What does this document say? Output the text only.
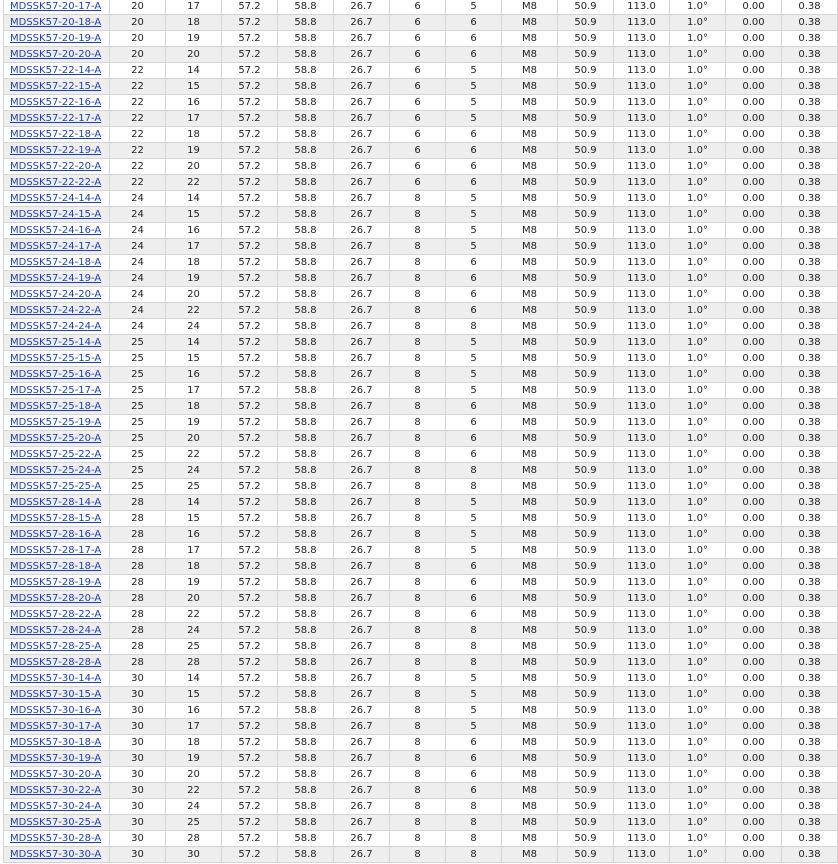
MDSSK57-20-17-A	20	17	57.2	58.8	26.7	6	5	M8	50.9	113.0	1.0°	0.00	0.38
MDSSK57-20-18-A	20	18	57.2	58.8	26.7	6	6	M8	50.9	113.0	1.0°	0.00	0.38
MDSSK57-20-19-A	20	19	57.2	58.8	26.7	6	6	M8	50.9	113.0	1.0°	0.00	0.38
MDSSK57-20-20-A	20	20	57.2	58.8	26.7	6	6	M8	50.9	113.0	1.0°	0.00	0.38
MDSSK57-22-14-A	22	14	57.2	58.8	26.7	6	5	M8	50.9	113.0	1.0°	0.00	0.38
MDSSK57-22-15-A	22	15	57.2	58.8	26.7	6	5	M8	50.9	113.0	1.0°	0.00	0.38
MDSSK57-22-16-A	22	16	57.2	58.8	26.7	6	5	M8	50.9	113.0	1.0°	0.00	0.38
MDSSK57-22-17-A	22	17	57.2	58.8	26.7	6	5	M8	50.9	113.0	1.0°	0.00	0.38
MDSSK57-22-18-A	22	18	57.2	58.8	26.7	6	6	M8	50.9	113.0	1.0°	0.00	0.38
MDSSK57-22-19-A	22	19	57.2	58.8	26.7	6	6	M8	50.9	113.0	1.0°	0.00	0.38
MDSSK57-22-20-A	22	20	57.2	58.8	26.7	6	6	M8	50.9	113.0	1.0°	0.00	0.38
MDSSK57-22-22-A	22	22	57.2	58.8	26.7	6	6	M8	50.9	113.0	1.0°	0.00	0.38
MDSSK57-24-14-A	24	14	57.2	58.8	26.7	8	5	M8	50.9	113.0	1.0°	0.00	0.38
MDSSK57-24-15-A	24	15	57.2	58.8	26.7	8	5	M8	50.9	113.0	1.0°	0.00	0.38
MDSSK57-24-16-A	24	16	57.2	58.8	26.7	8	5	M8	50.9	113.0	1.0°	0.00	0.38
MDSSK57-24-17-A	24	17	57.2	58.8	26.7	8	5	M8	50.9	113.0	1.0°	0.00	0.38
MDSSK57-24-18-A	24	18	57.2	58.8	26.7	8	6	M8	50.9	113.0	1.0°	0.00	0.38
MDSSK57-24-19-A	24	19	57.2	58.8	26.7	8	6	M8	50.9	113.0	1.0°	0.00	0.38
MDSSK57-24-20-A	24	20	57.2	58.8	26.7	8	6	M8	50.9	113.0	1.0°	0.00	0.38
MDSSK57-24-22-A	24	22	57.2	58.8	26.7	8	6	M8	50.9	113.0	1.0°	0.00	0.38
MDSSK57-24-24-A	24	24	57.2	58.8	26.7	8	8	M8	50.9	113.0	1.0°	0.00	0.38
MDSSK57-25-14-A	25	14	57.2	58.8	26.7	8	5	M8	50.9	113.0	1.0°	0.00	0.38
MDSSK57-25-15-A	25	15	57.2	58.8	26.7	8	5	M8	50.9	113.0	1.0°	0.00	0.38
MDSSK57-25-16-A	25	16	57.2	58.8	26.7	8	5	M8	50.9	113.0	1.0°	0.00	0.38
MDSSK57-25-17-A	25	17	57.2	58.8	26.7	8	5	M8	50.9	113.0	1.0°	0.00	0.38
MDSSK57-25-18-A	25	18	57.2	58.8	26.7	8	6	M8	50.9	113.0	1.0°	0.00	0.38
MDSSK57-25-19-A	25	19	57.2	58.8	26.7	8	6	M8	50.9	113.0	1.0°	0.00	0.38
MDSSK57-25-20-A	25	20	57.2	58.8	26.7	8	6	M8	50.9	113.0	1.0°	0.00	0.38
MDSSK57-25-22-A	25	22	57.2	58.8	26.7	8	6	M8	50.9	113.0	1.0°	0.00	0.38
MDSSK57-25-24-A	25	24	57.2	58.8	26.7	8	8	M8	50.9	113.0	1.0°	0.00	0.38
MDSSK57-25-25-A	25	25	57.2	58.8	26.7	8	8	M8	50.9	113.0	1.0°	0.00	0.38
MDSSK57-28-14-A	28	14	57.2	58.8	26.7	8	5	M8	50.9	113.0	1.0°	0.00	0.38
MDSSK57-28-15-A	28	15	57.2	58.8	26.7	8	5	M8	50.9	113.0	1.0°	0.00	0.38
MDSSK57-28-16-A	28	16	57.2	58.8	26.7	8	5	M8	50.9	113.0	1.0°	0.00	0.38
MDSSK57-28-17-A	28	17	57.2	58.8	26.7	8	5	M8	50.9	113.0	1.0°	0.00	0.38
MDSSK57-28-18-A	28	18	57.2	58.8	26.7	8	6	M8	50.9	113.0	1.0°	0.00	0.38
MDSSK57-28-19-A	28	19	57.2	58.8	26.7	8	6	M8	50.9	113.0	1.0°	0.00	0.38
MDSSK57-28-20-A	28	20	57.2	58.8	26.7	8	6	M8	50.9	113.0	1.0°	0.00	0.38
MDSSK57-28-22-A	28	22	57.2	58.8	26.7	8	6	M8	50.9	113.0	1.0°	0.00	0.38
MDSSK57-28-24-A	28	24	57.2	58.8	26.7	8	8	M8	50.9	113.0	1.0°	0.00	0.38
MDSSK57-28-25-A	28	25	57.2	58.8	26.7	8	8	M8	50.9	113.0	1.0°	0.00	0.38
MDSSK57-28-28-A	28	28	57.2	58.8	26.7	8	8	M8	50.9	113.0	1.0°	0.00	0.38
MDSSK57-30-14-A	30	14	57.2	58.8	26.7	8	5	M8	50.9	113.0	1.0°	0.00	0.38
MDSSK57-30-15-A	30	15	57.2	58.8	26.7	8	5	M8	50.9	113.0	1.0°	0.00	0.38
MDSSK57-30-16-A	30	16	57.2	58.8	26.7	8	5	M8	50.9	113.0	1.0°	0.00	0.38
MDSSK57-30-17-A	30	17	57.2	58.8	26.7	8	5	M8	50.9	113.0	1.0°	0.00	0.38
MDSSK57-30-18-A	30	18	57.2	58.8	26.7	8	6	M8	50.9	113.0	1.0°	0.00	0.38
MDSSK57-30-19-A	30	19	57.2	58.8	26.7	8	6	M8	50.9	113.0	1.0°	0.00	0.38
MDSSK57-30-20-A	30	20	57.2	58.8	26.7	8	6	M8	50.9	113.0	1.0°	0.00	0.38
MDSSK57-30-22-A	30	22	57.2	58.8	26.7	8	6	M8	50.9	113.0	1.0°	0.00	0.38
MDSSK57-30-24-A	30	24	57.2	58.8	26.7	8	8	M8	50.9	113.0	1.0°	0.00	0.38
MDSSK57-30-25-A	30	25	57.2	58.8	26.7	8	8	M8	50.9	113.0	1.0°	0.00	0.38
MDSSK57-30-28-A	30	28	57.2	58.8	26.7	8	8	M8	50.9	113.0	1.0°	0.00	0.38
MDSSK57-30-30-A	30	30	57.2	58.8	26.7	8	8	M8	50.9	113.0	1.0°	0.00	0.38
